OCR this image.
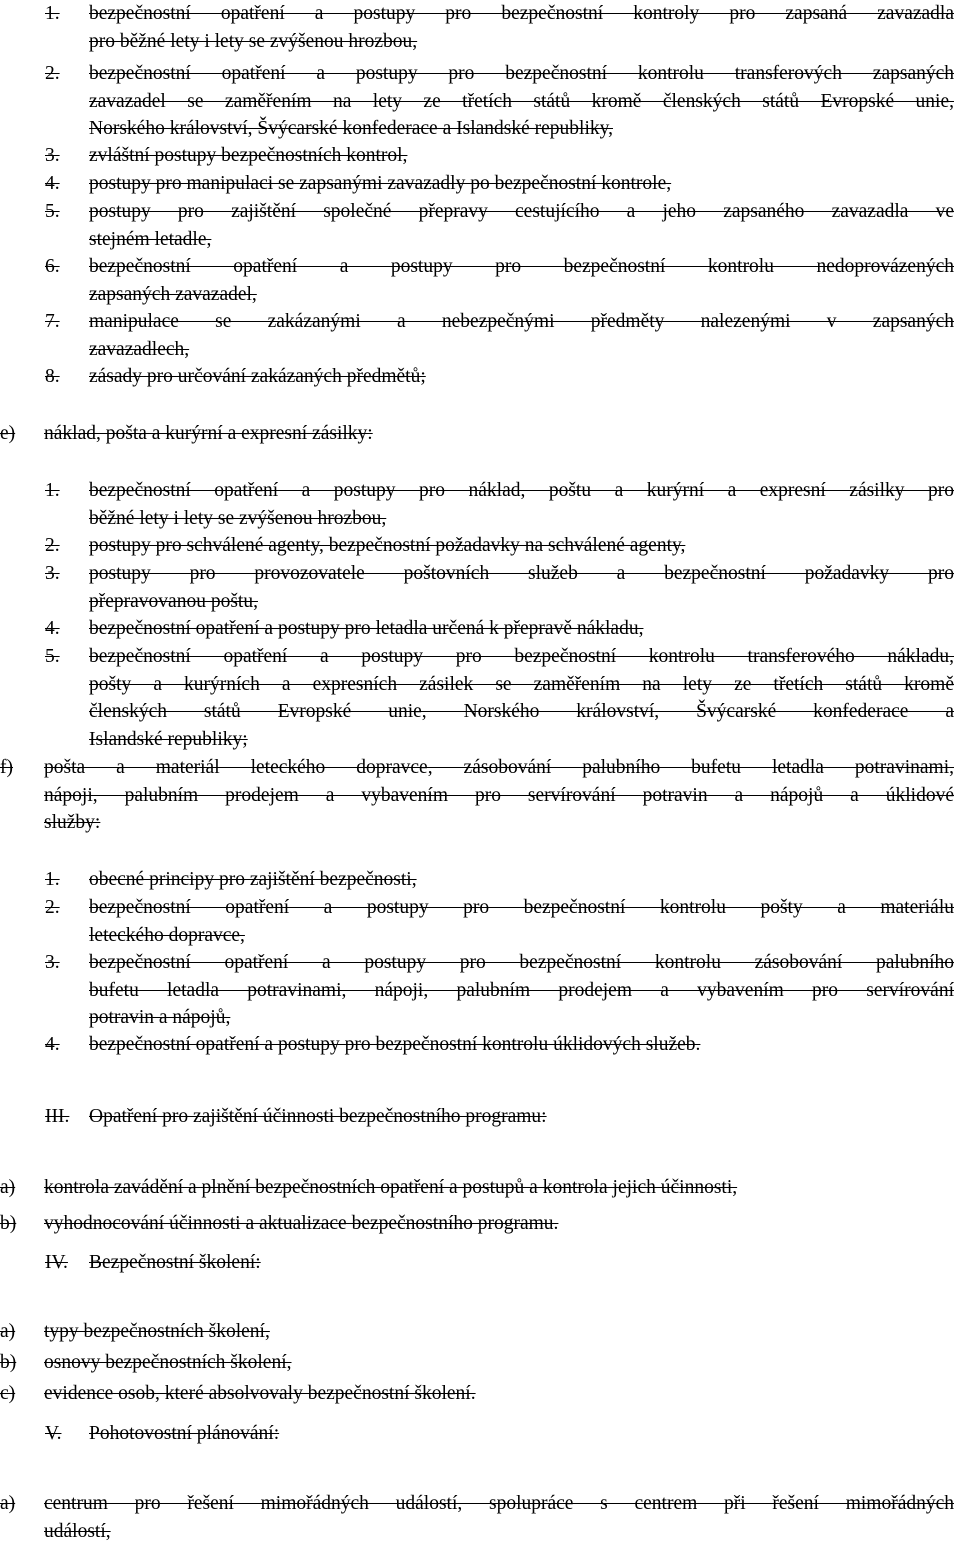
1. bezpečnostní opatření a postupy pro bezpečnostní kontroly pro zapsaná zavazadla
pro běžné lety i lety se zvýšenou hrozbou,
2. bezpečnostní opatření a postupy pro bezpečnostní kontrolu transferových zapsaných
zavazadel se zaměřením na lety ze třetích států kromě členských států Evropské unie,
Norského království, Švýcarské konfederace a Islandské republiky,
3. zvláštní postupy bezpečnostních kontrol,
4. postupy pro manipulaci se zapsanými zavazadly po bezpečnostní kontrole,
5. postupy pro zajištění společné přepravy cestujícího a jeho zapsaného zavazadla ve
stejném letadle,
6. bezpečnostní opatření a postupy pro bezpečnostní kontrolu nedoprovázených
zapsaných zavazadel,
7. manipulace se zakázanými a nebezpečnými předměty nalezenými v zapsaných
zavazadlech,
8. zásady pro určování zakázaných předmětů;
e) náklad, pošta a kurýrní a expresní zásilky:
1. bezpečnostní opatření a postupy pro náklad, poštu a kurýrní a expresní zásilky pro
běžné lety i lety se zvýšenou hrozbou,
2. postupy pro schválené agenty, bezpečnostní požadavky na schválené agenty,
3. postupy pro provozovatele poštovních služeb a bezpečnostní požadavky pro
přepravovanou poštu,
4. bezpečnostní opatření a postupy pro letadla určená k přepravě nákladu,
5. bezpečnostní opatření a postupy pro bezpečnostní kontrolu transferového nákladu,
pošty a kurýrních a expresních zásilek se zaměřením na lety ze třetích států kromě
členských států Evropské unie, Norského království, Švýcarské konfederace a
Islandské republiky;
f) pošta a materiál leteckého dopravce, zásobování palubního bufetu letadla potravinami,
nápoji, palubním prodejem a vybavením pro servírování potravin a nápojů a úklidové
služby:
1. obecné principy pro zajištění bezpečnosti,
2. bezpečnostní opatření a postupy pro bezpečnostní kontrolu pošty a materiálu
leteckého dopravce,
3. bezpečnostní opatření a postupy pro bezpečnostní kontrolu zásobování palubního
bufetu letadla potravinami, nápoji, palubním prodejem a vybavením pro servírování
potravin a nápojů,
4. bezpečnostní opatření a postupy pro bezpečnostní kontrolu úklidových služeb.
III. Opatření pro zajištění účinnosti bezpečnostního programu:
a) kontrola zavádění a plnění bezpečnostních opatření a postupů a kontrola jejich účinnosti,
b) vyhodnocování účinnosti a aktualizace bezpečnostního programu.
IV. Bezpečnostní školení:
a) typy bezpečnostních školení,
b) osnovy bezpečnostních školení,
c) evidence osob, které absolvovaly bezpečnostní školení.
V. Pohotovostní plánování:
a) centrum pro řešení mimořádných událostí, spolupráce s centrem při řešení mimořádných
událostí,
